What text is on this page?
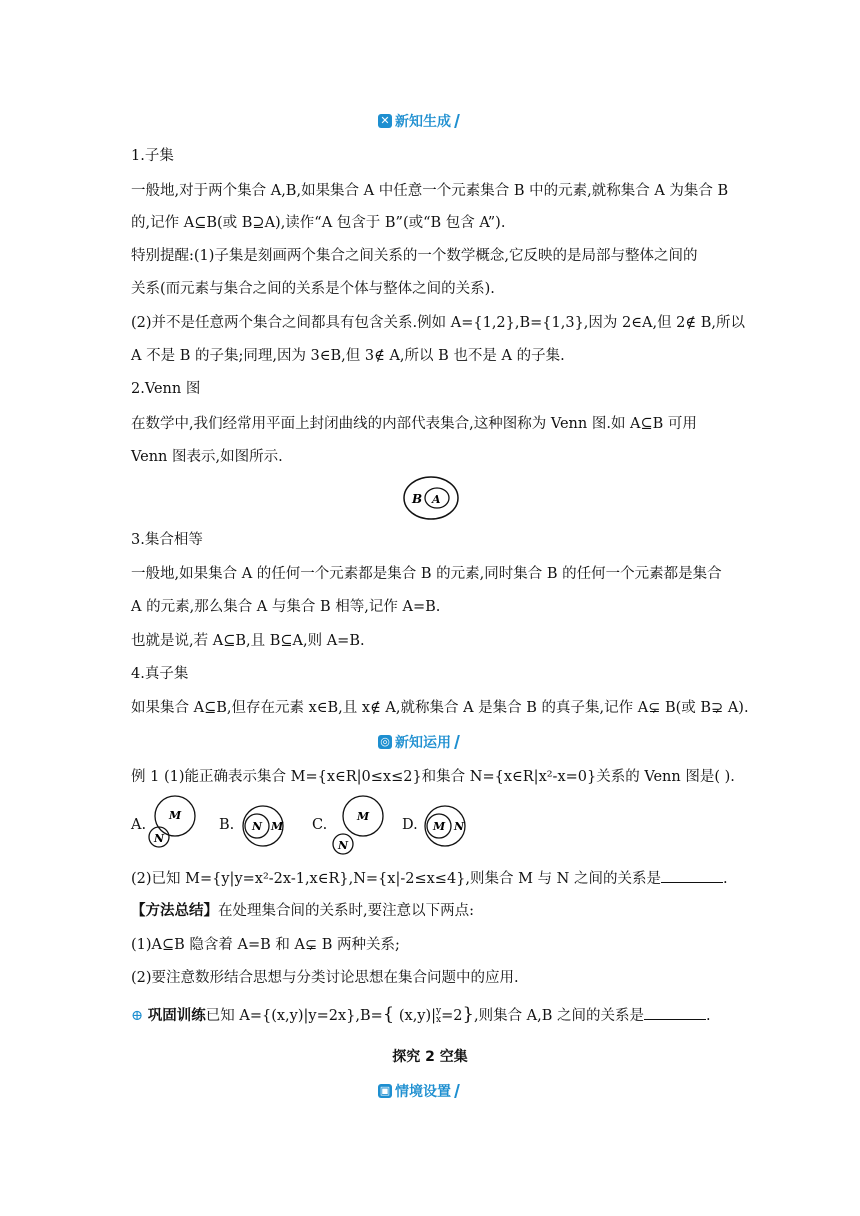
✕ 新知生成
1.子集
一般地,对于两个集合 A,B,如果集合 A 中任意一个元素集合 B 中的元素,就称集合 A 为集合 B
的,记作 A⊆B(或 B⊇A),读作“A 包含于 B”(或“B 包含 A”).
特别提醒:(1)子集是刻画两个集合之间关系的一个数学概念,它反映的是局部与整体之间的
关系(而元素与集合之间的关系是个体与整体之间的关系).
(2)并不是任意两个集合之间都具有包含关系.例如 A={1,2},B={1,3},因为 2∈A,但 2∉ B,所以
A 不是 B 的子集;同理,因为 3∈B,但 3∉ A,所以 B 也不是 A 的子集.
2.Venn 图
在数学中,我们经常用平面上封闭曲线的内部代表集合,这种图称为 Venn 图.如 A⊆B 可用
Venn 图表示,如图所示.
B A
3.集合相等
一般地,如果集合 A 的任何一个元素都是集合 B 的元素,同时集合 B 的任何一个元素都是集合
A 的元素,那么集合 A 与集合 B 相等,记作 A=B.
也就是说,若 A⊆B,且 B⊆A,则 A=B.
4.真子集
如果集合 A⊆B,但存在元素 x∈B,且 x∉ A,就称集合 A 是集合 B 的真子集,记作 A⊊ B(或 B⊋ A).
◎ 新知运用
例 1 (1)能正确表示集合 M={x∈R|0≤x≤2}和集合 N={x∈R|x²-x=0}关系的 Venn 图是( ).
A.
M
N
B. N M C.
M
N
D. M N
(2)已知 M={y|y=x²-2x-1,x∈R},N={x|-2≤x≤4},则集合 M 与 N 之间的关系是	.
【方法总结】在处理集合间的关系时,要注意以下两点:
(1)A⊆B 隐含着 A=B 和 A⊊ B 两种关系;
(2)要注意数形结合思想与分类讨论思想在集合问题中的应用.
⊕ 巩固训练已知 A={(x,y)|y=2x},B={ (x,y)|y
x=2},则集合 A,B 之间的关系是	.
探究 2 空集
▣ 情境设置
